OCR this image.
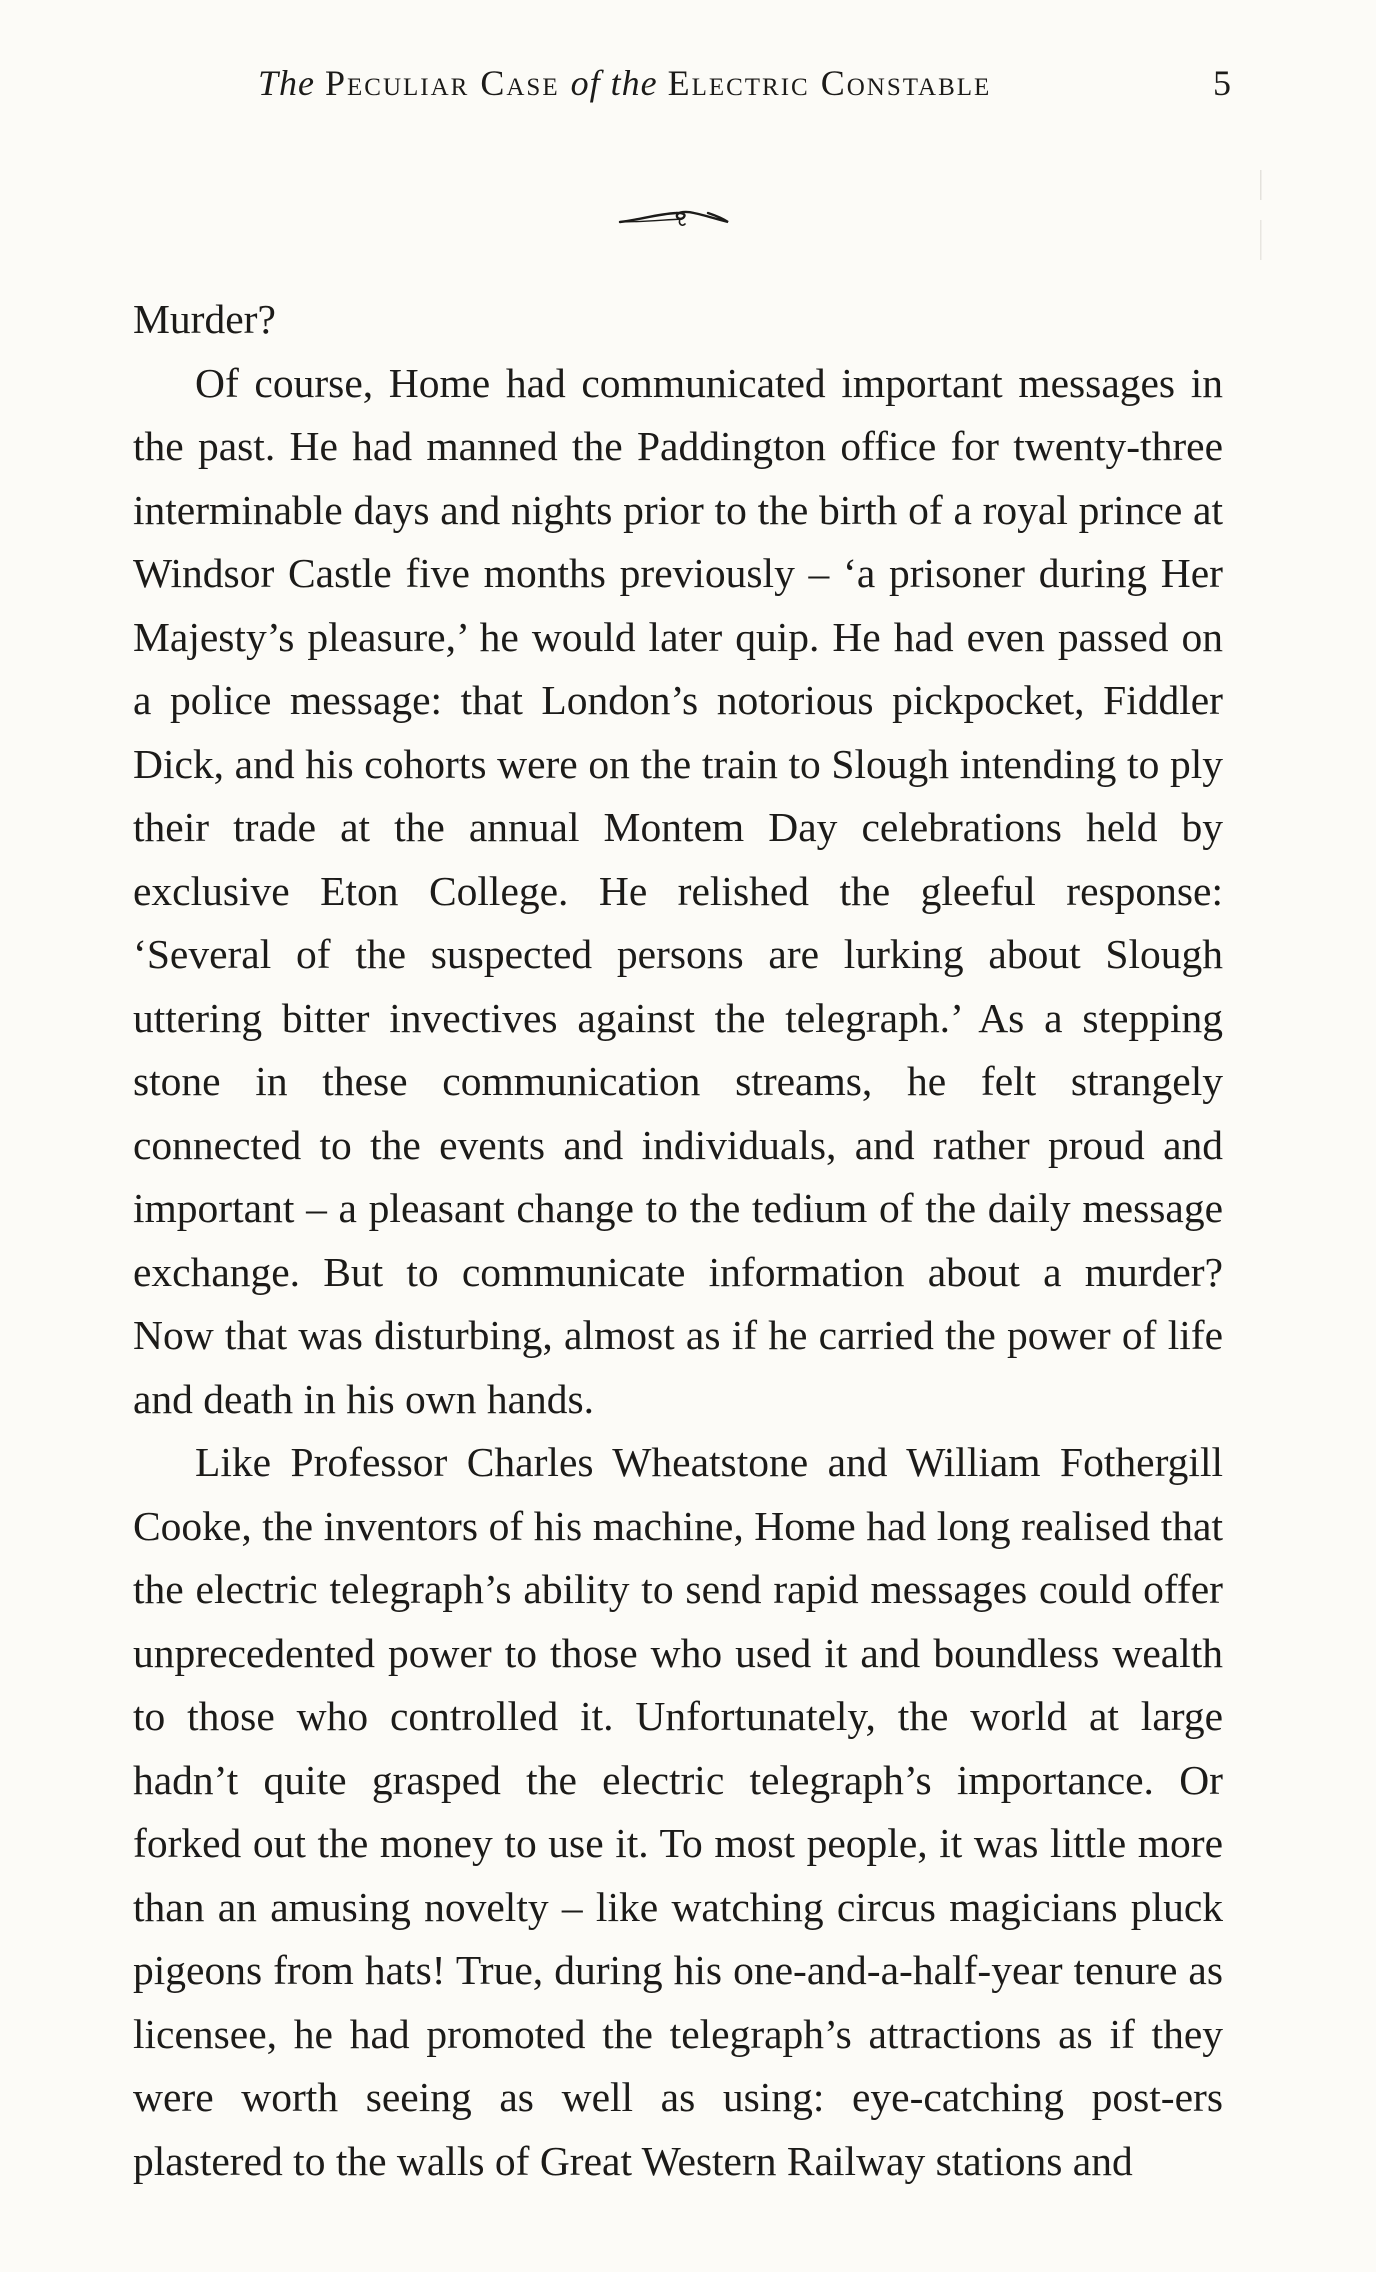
The Peculiar Case of the Electric Constable	5

Murder?

Of course, Home had communicated important messages in the past. He had manned the Paddington office for twenty-three interminable days and nights prior to the birth of a royal prince at Windsor Castle five months previously – ‘a prisoner during Her Majesty’s pleasure,’ he would later quip. He had even passed on a police message: that London’s notorious pickpocket, Fiddler Dick, and his cohorts were on the train to Slough intending to ply their trade at the annual Montem Day celebrations held by exclusive Eton College. He relished the gleeful response: ‘Several of the suspected persons are lurking about Slough uttering bitter invectives against the telegraph.’ As a stepping stone in these communication streams, he felt strangely connected to the events and individuals, and rather proud and important – a pleasant change to the tedium of the daily message exchange. But to communicate information about a murder? Now that was disturbing, almost as if he carried the power of life and death in his own hands.

Like Professor Charles Wheatstone and William Fothergill Cooke, the inventors of his machine, Home had long realised that the electric telegraph’s ability to send rapid messages could offer unprecedented power to those who used it and boundless wealth to those who controlled it. Unfortunately, the world at large hadn’t quite grasped the electric telegraph’s importance. Or forked out the money to use it. To most people, it was little more than an amusing novelty – like watching circus magicians pluck pigeons from hats! True, during his one-and-a-half-year tenure as licensee, he had promoted the telegraph’s attractions as if they were worth seeing as well as using: eye-catching post-ers plastered to the walls of Great Western Railway stations and
